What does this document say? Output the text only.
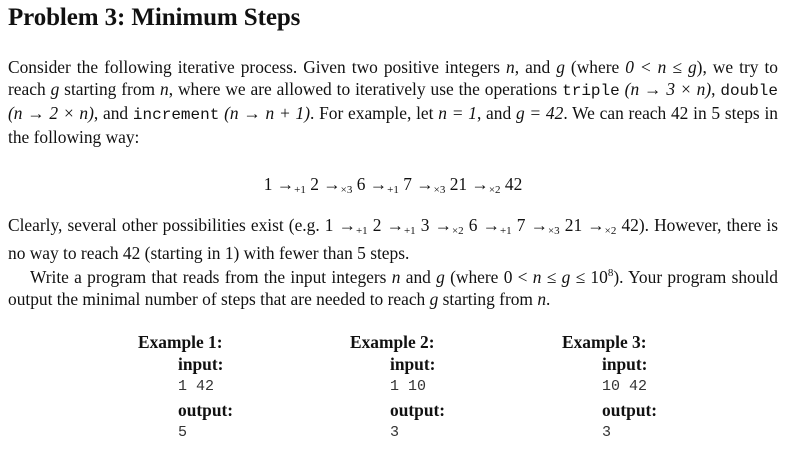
Problem 3: Minimum Steps
Consider the following iterative process. Given two positive integers n, and g (where 0 < n ≤ g), we try to reach g starting from n, where we are allowed to iteratively use the operations triple (n → 3 × n), double (n → 2 × n), and increment (n → n + 1). For example, let n = 1, and g = 42. We can reach 42 in 5 steps in the following way:
$1 \to_{+1}$ $2 \to_{\times 3}$ $6 \to_{+1}$ $7 \to_{\times 3}$ $21 \to_{\times 2}$ 42
Clearly, several other possibilities exist (e.g. $1 \to_{+1}$ $2 \to_{+1}$ $3 \to_{\times 2}$ $6 \to_{+1}$ $7 \to_{\times 3}$ $21 \to_{\times 2}$ 42). However, there is no way to reach 42 (starting in 1) with fewer than 5 steps.
Write a program that reads from the input integers n and g (where $0 < n \le g \le 10^8$). Your program should output the minimal number of steps that are needed to reach g starting from n.
Example 1:
input:
1 42
output:
5
Example 2:
input:
1 10
output:
3
Example 3:
input:
10 42
output:
3
